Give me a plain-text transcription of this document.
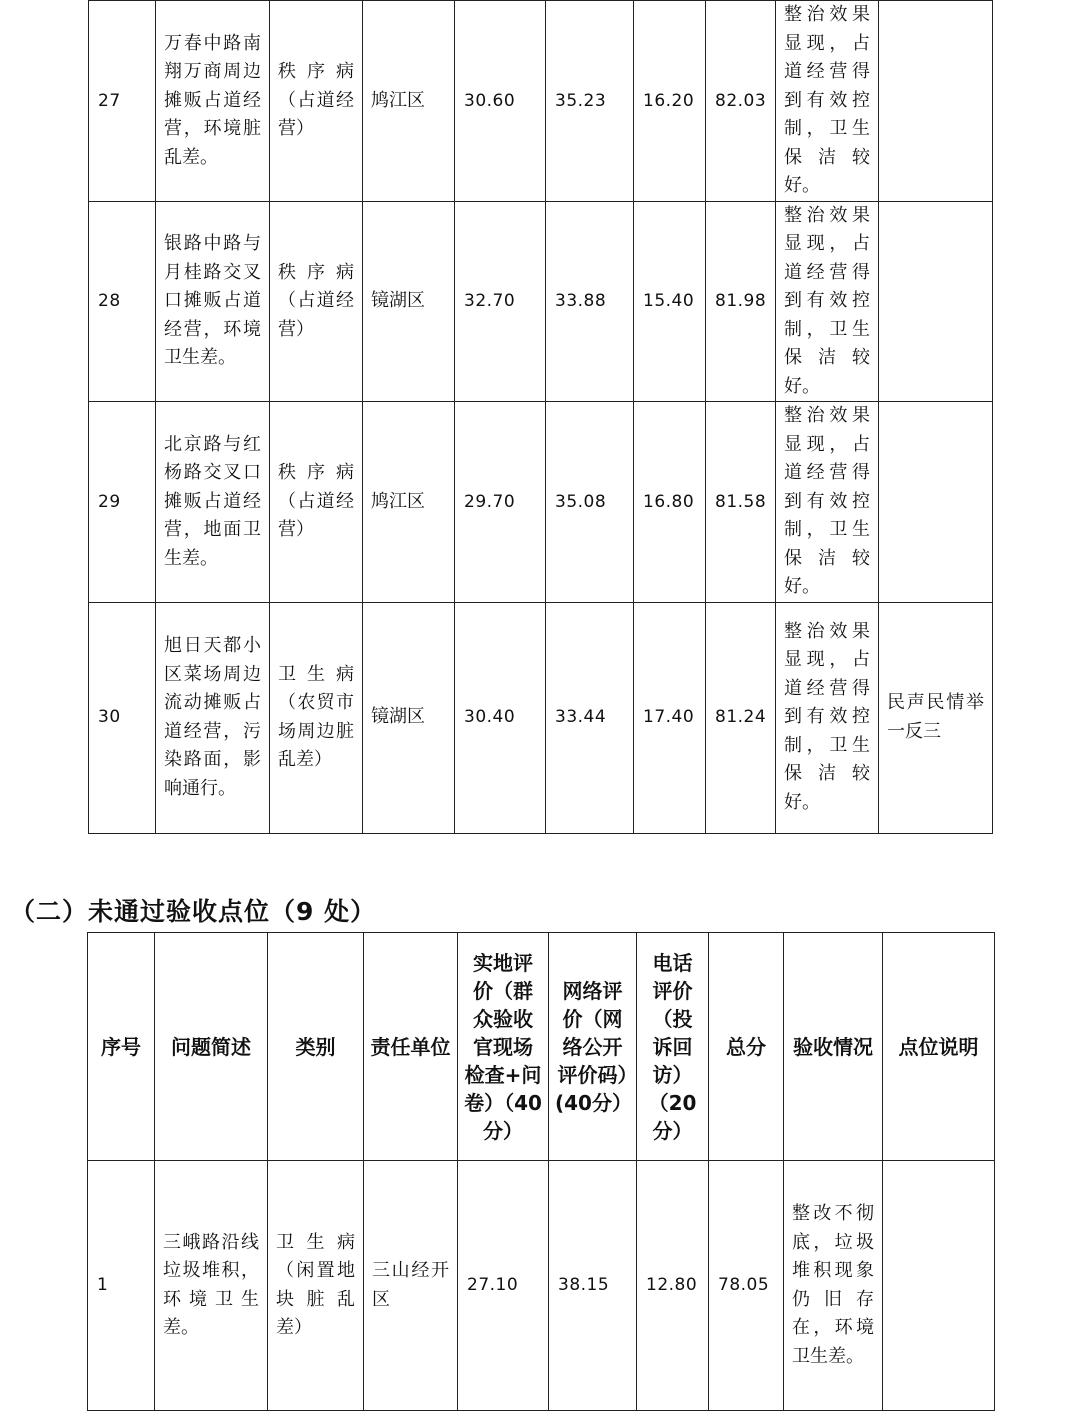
27	万春中路南翔万商周边摊贩占道经营，环境脏乱差。	秩序病（占道经营）	鸠江区	30.60	35.23	16.20	82.03	整治效果显现，占道经营得到有效控制，卫生保洁较好。	
28	银路中路与月桂路交叉口摊贩占道经营，环境卫生差。	秩序病（占道经营）	镜湖区	32.70	33.88	15.40	81.98	整治效果显现，占道经营得到有效控制，卫生保洁较好。	
29	北京路与红杨路交叉口摊贩占道经营，地面卫生差。	秩序病（占道经营）	鸠江区	29.70	35.08	16.80	81.58	整治效果显现，占道经营得到有效控制，卫生保洁较好。	
30	旭日天都小区菜场周边流动摊贩占道经营，污染路面，影响通行。	卫生病（农贸市场周边脏乱差）	镜湖区	30.40	33.44	17.40	81.24	整治效果显现，占道经营得到有效控制，卫生保洁较好。	民声民情举一反三
（二）未通过验收点位（9 处）
序号	问题简述	类别	责任单位	实地评价（群众验收官现场检查+问卷）（40分）	网络评价（网络公开评价码）(40分）	电话评价（投诉回访）（20分）	总分	验收情况	点位说明
1	三峨路沿线垃圾堆积，环境卫生差。	卫生病（闲置地块脏乱差）	三山经开区	27.10	38.15	12.80	78.05	整改不彻底，垃圾堆积现象仍旧存在，环境卫生差。	
